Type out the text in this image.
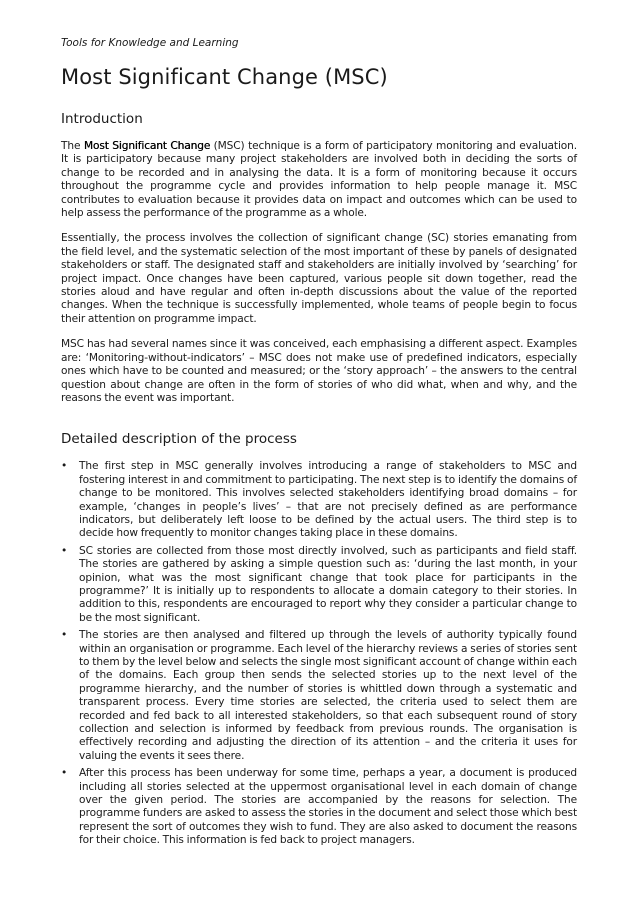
Tools for Knowledge and Learning

Most Significant Change (MSC)
Introduction

The Most Significant Change (MSC) technique is a form of participatory monitoring and evaluation. It is participatory because many project stakeholders are involved both in deciding the sorts of change to be recorded and in analysing the data. It is a form of monitoring because it occurs throughout the programme cycle and provides information to help people manage it. MSC contributes to evaluation because it provides data on impact and outcomes which can be used to help assess the performance of the programme as a whole.

Essentially, the process involves the collection of significant change (SC) stories emanating from the field level, and the systematic selection of the most important of these by panels of designated stakeholders or staff. The designated staff and stakeholders are initially involved by ‘searching’ for project impact. Once changes have been captured, various people sit down together, read the stories aloud and have regular and often in-depth discussions about the value of the reported changes. When the technique is successfully implemented, whole teams of people begin to focus their attention on programme impact.

MSC has had several names since it was conceived, each emphasising a different aspect. Examples are: ‘Monitoring-without-indicators’ – MSC does not make use of predefined indicators, especially ones which have to be counted and measured; or the ‘story approach’ – the answers to the central question about change are often in the form of stories of who did what, when and why, and the reasons the event was important.

Detailed description of the process
•	The first step in MSC generally involves introducing a range of stakeholders to MSC and fostering interest in and commitment to participating. The next step is to identify the domains of change to be monitored. This involves selected stakeholders identifying broad domains – for example, ‘changes in people’s lives’ – that are not precisely defined as are performance indicators, but deliberately left loose to be defined by the actual users. The third step is to decide how frequently to monitor changes taking place in these domains.
•	SC stories are collected from those most directly involved, such as participants and field staff. The stories are gathered by asking a simple question such as: ‘during the last month, in your opinion, what was the most significant change that took place for participants in the programme?’ It is initially up to respondents to allocate a domain category to their stories. In addition to this, respondents are encouraged to report why they consider a particular change to be the most significant.
•	The stories are then analysed and filtered up through the levels of authority typically found within an organisation or programme. Each level of the hierarchy reviews a series of stories sent to them by the level below and selects the single most significant account of change within each of the domains. Each group then sends the selected stories up to the next level of the programme hierarchy, and the number of stories is whittled down through a systematic and transparent process. Every time stories are selected, the criteria used to select them are recorded and fed back to all interested stakeholders, so that each subsequent round of story collection and selection is informed by feedback from previous rounds. The organisation is effectively recording and adjusting the direction of its attention – and the criteria it uses for valuing the events it sees there.
•	After this process has been underway for some time, perhaps a year, a document is produced including all stories selected at the uppermost organisational level in each domain of change over the given period. The stories are accompanied by the reasons for selection. The programme funders are asked to assess the stories in the document and select those which best represent the sort of outcomes they wish to fund. They are also asked to document the reasons for their choice. This information is fed back to project managers.
